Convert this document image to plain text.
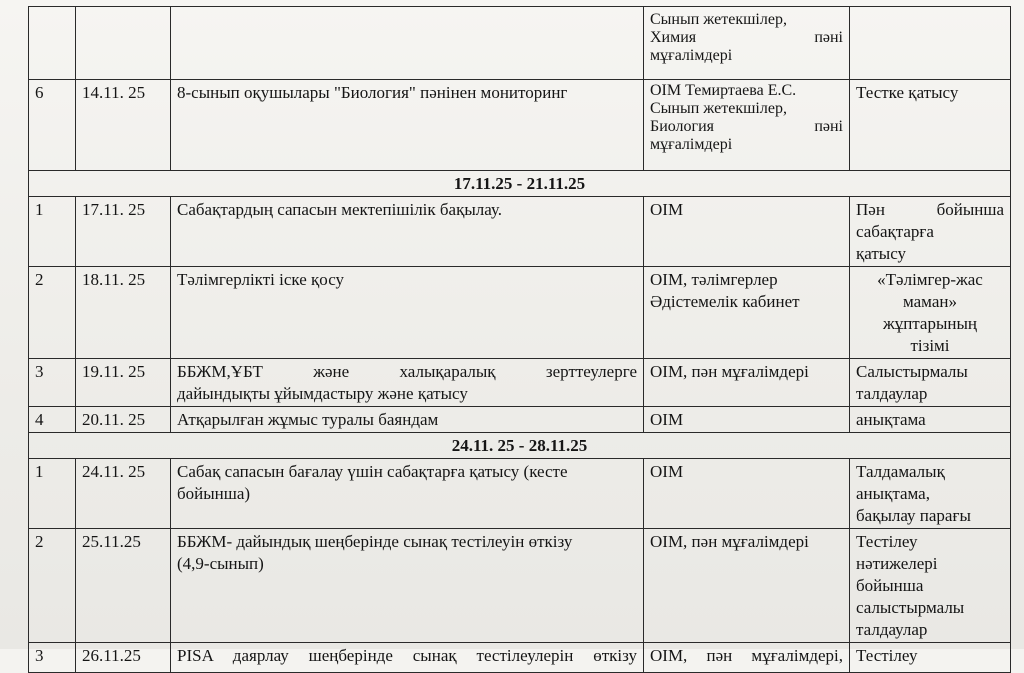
			Сынып жетекшілер,
Химия пәні
мұғалімдері	

6	14.11. 25	8-сынып оқушылары "Биология" пәнінен мониторинг	ОІМ Темиртаева Е.С.
Сынып жетекшілер,
Биология пәні
мұғалімдері	Тестке қатысу
17.11.25 - 21.11.25				
1	17.11. 25	Сабақтардың сапасын мектепішілік бақылау.	ОІМ	Пән бойынша
сабақтарға
қатысу

2	18.11. 25	Тәлімгерлікті іске қосу	ОІМ, тәлімгерлер
Әдістемелік кабинет	«Тәлімгер-жас
маман»
жұптарының
тізімі

3	19.11. 25	ББЖМ,ҰБТ және халықаралық зерттеулерге
дайындықты ұйымдастыру және қатысу	ОІМ, пән мұғалімдері	Салыстырмалы
талдаулар

4	20.11. 25	Атқарылған жұмыс туралы баяндам	ОІМ	анықтама
24.11. 25 - 28.11.25				
1	24.11. 25	Сабақ сапасын бағалау үшін сабақтарға қатысу (кесте
бойынша)	ОІМ	Талдамалық
анықтама,
бақылау парағы

2	25.11.25	ББЖМ- дайындық шеңберінде сынақ тестілеуін өткізу
(4,9-сынып)	ОІМ, пән мұғалімдері	Тестілеу
нәтижелері
бойынша
салыстырмалы
талдаулар

3	26.11.25	PISA даярлау шеңберінде сынақ тестілеулерін өткізу	ОІМ, пән мұғалімдері,	Тестілеу
